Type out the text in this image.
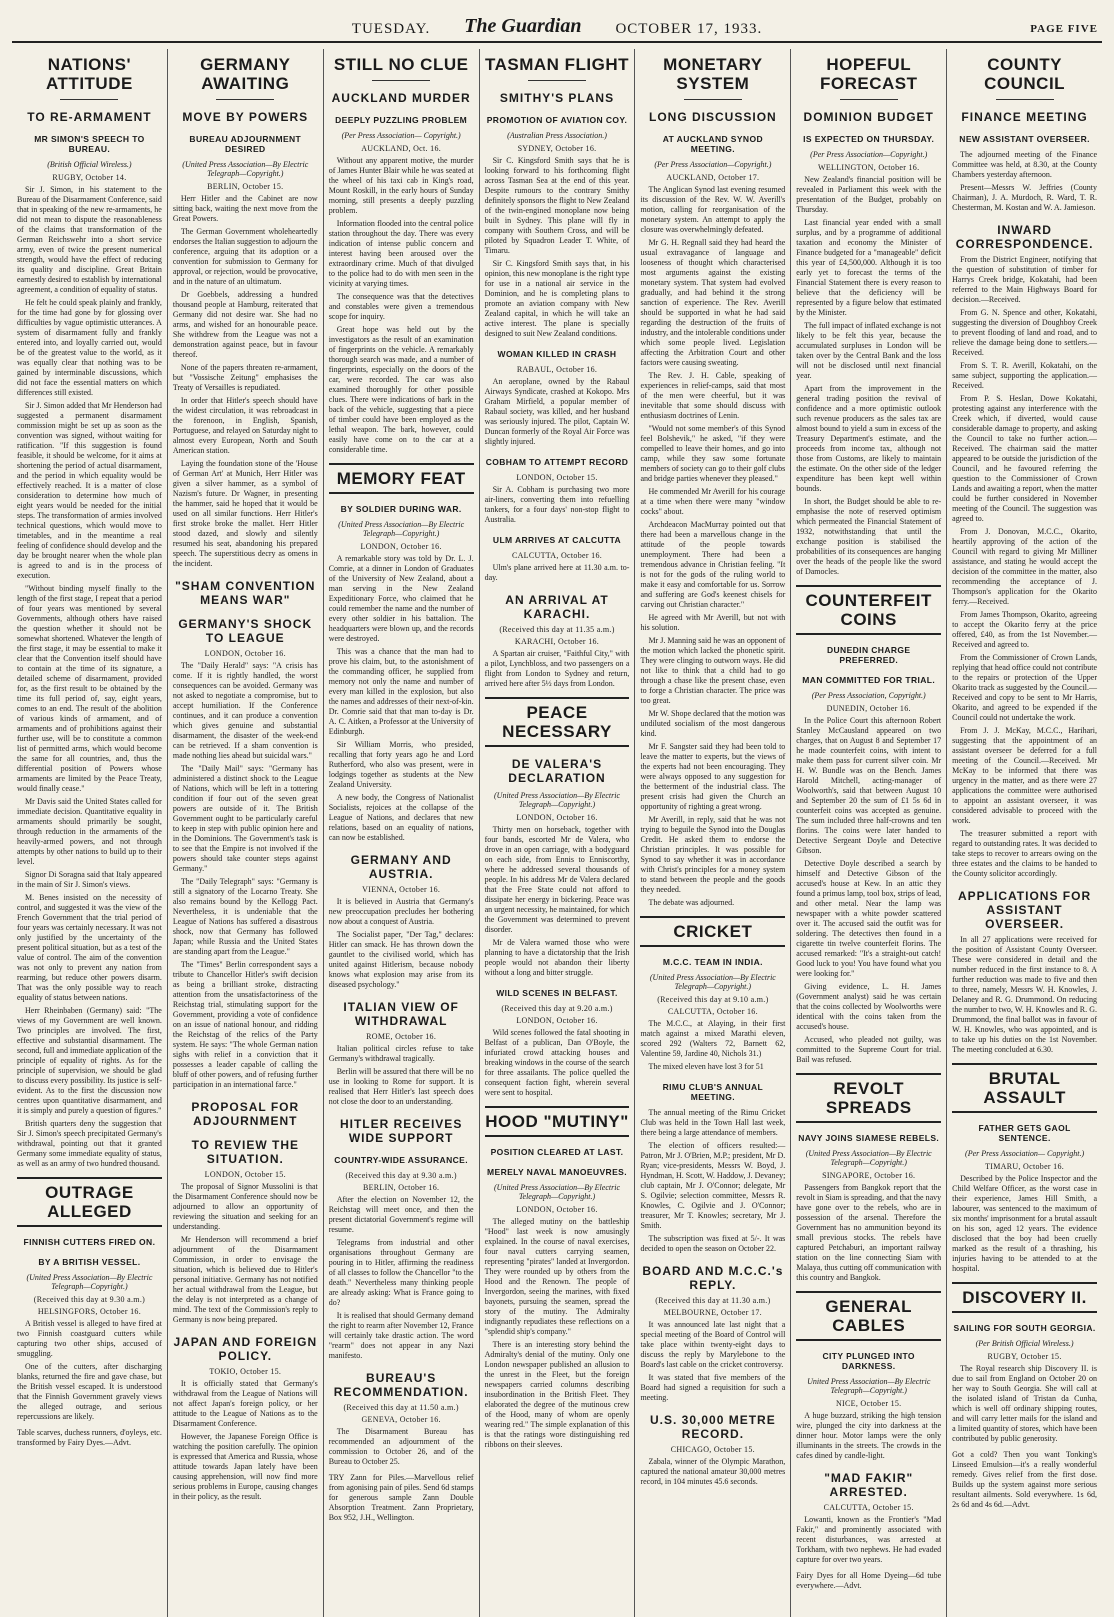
TUESDAY. The Guardian OCTOBER 17, 1933.	PAGE FIVE
NATIONS' ATTITUDE
TO RE-ARMAMENT
MR SIMON'S SPEECH TO BUREAU.
(British Official Wireless.)
RUGBY, October 14.

Sir J. Simon, in his statement to the Bureau of the Disarmament Conference, said that in speaking of the new re-armaments, he did not mean to dispute the reasonableness of the claims that transformation of the German Reichswehr into a short service army, even of twice the present numerical strength, would have the effect of reducing its quality and discipline. Great Britain earnestly desired to establish by international agreement, a condition of equality of status.

He felt he could speak plainly and frankly, for the time had gone by for glossing over difficulties by vague optimistic utterances. A system of disarmament fully and frankly entered into, and loyally carried out, would be of the greatest value to the world, as it was equally clear that nothing was to be gained by interminable discussions, which did not face the essential matters on which differences still existed.

Sir J. Simon added that Mr Henderson had suggested a permanent disarmament commission might be set up as soon as the convention was signed, without waiting for ratification. "If this suggestion is found feasible, it should be welcome, for it aims at shortening the period of actual disarmament, and the period in which equality would be effectively reached. It is a matter of close consideration to determine how much of eight years would be needed for the initial steps. The transformation of armies involved technical questions, which would move to timetables, and in the meantime a real feeling of confidence should develop and the day be brought nearer when the whole plan is agreed to and is in the process of execution.

"Without binding myself finally to the length of the first stage, I repeat that a period of four years was mentioned by several Governments, although others have raised the question whether it should not be somewhat shortened. Whatever the length of the first stage, it may be essential to make it clear that the Convention itself should have to contain at the time of its signature, a detailed scheme of disarmament, provided for, as the first result to be obtained by the time its full period of, say, eight years, comes to an end. The result of the abolition of various kinds of armament, and of armaments and of prohibitions against their further use, will be to constitute a common list of permitted arms, which would become the same for all countries, and, thus the differential position of Powers whose armaments are limited by the Peace Treaty, would finally cease."

Mr Davis said the United States called for immediate decision. Quantitative equality in armaments should primarily be sought, through reduction in the armaments of the heavily-armed powers, and not through attempts by other nations to build up to their level.

Signor Di Soragna said that Italy appeared in the main of Sir J. Simon's views.

M. Benes insisted on the necessity of control, and suggested it was the view of the French Government that the trial period of four years was certainly necessary. It was not only justified by the uncertainty of the present political situation, but as a test of the value of control. The aim of the convention was not only to prevent any nation from rearming, but reduce other powers disarm. That was the only possible way to reach equality of status between nations.

Herr Rheinbaben (Germany) said: "The views of my Government are well known. Two principles are involved. The first, effective and substantial disarmament. The second, full and immediate application of the principle of equality of rights. As for the principle of supervision, we should be glad to discuss every possibility. Its justice is self-evident. As to the first the discussion now centres upon quantitative disarmament, and it is simply and purely a question of figures."

British quarters deny the suggestion that Sir J. Simon's speech precipitated Germany's withdrawal, pointing out that it granted Germany some immediate equality of status, as well as an army of two hundred thousand.

OUTRAGE ALLEGED
FINNISH CUTTERS FIRED ON.
BY A BRITISH VESSEL.
(United Press Association—By Electric Telegraph—Copyright.)
(Received this day at 9.30 a.m.)
HELSINGFORS, October 16.

A British vessel is alleged to have fired at two Finnish coastguard cutters while capturing two other ships, accused of smuggling.

One of the cutters, after discharging blanks, returned the fire and gave chase, but the British vessel escaped. It is understood that the Finnish Government gravely views the alleged outrage, and serious repercussions are likely.

Table scarves, duchess runners, d'oyleys, etc. transformed by Fairy Dyes.—Advt.
GERMANY AWAITING
MOVE BY POWERS
BUREAU ADJOURNMENT DESIRED
(United Press Association—By Electric Telegraph—Copyright.)
BERLIN, October 15.

Herr Hitler and the Cabinet are now sitting back, waiting the next move from the Great Powers.

The German Government wholeheartedly endorses the Italian suggestion to adjourn the conference, arguing that its adoption or a convention for submission to Germany for approval, or rejection, would be provocative, and in the nature of an ultimatum.

Dr Goebbels, addressing a hundred thousand people at Hamburg, reiterated that Germany did not desire war. She had no arms, and wished for an honourable peace. She withdrew from the League was not a demonstration against peace, but in favour thereof.

None of the papers threaten re-armament, but "Vossische Zeitung" emphasises the Treaty of Versailles is repudiated.

In order that Hitler's speech should have the widest circulation, it was rebroadcast in the forenoon, in English, Spanish, Portuguese, and relayed on Saturday night to almost every European, North and South American station.

Laying the foundation stone of the 'House of German Art' at Munich, Herr Hitler was given a silver hammer, as a symbol of Nazism's future. Dr Wagner, in presenting the hammer, said he hoped that it would be used on all similar functions. Herr Hitler's first stroke broke the mallet. Herr Hitler stood dazed, and slowly and silently resumed his seat, abandoning his prepared speech. The superstitious decry as omens in the incident.

"SHAM CONVENTION MEANS WAR"
GERMANY'S SHOCK TO LEAGUE
LONDON, October 16.

The "Daily Herald" says: "A crisis has come. If it is rightly handled, the worst consequences can be avoided. Germany was not asked to negotiate a compromise, but to accept humiliation. If the Conference continues, and it can produce a convention which gives genuine and substantial disarmament, the disaster of the week-end can be retrieved. If a sham convention is made nothing lies ahead but suicidal wars."

The "Daily Mail" says: "Germany has administered a distinct shock to the League of Nations, which will be left in a tottering condition if four out of the seven great powers are outside of it. The British Government ought to be particularly careful to keep in step with public opinion here and in the Dominions. The Government's task is to see that the Empire is not involved if the powers should take counter steps against Germany."

The "Daily Telegraph" says: "Germany is still a signatory of the Locarno Treaty. She also remains bound by the Kellogg Pact. Nevertheless, it is undeniable that the League of Nations has suffered a disastrous shock, now that Germany has followed Japan; while Russia and the United States are standing apart from the League."

The "Times" Berlin correspondent says a tribute to Chancellor Hitler's swift decision as being a brilliant stroke, distracting attention from the unsatisfactoriness of the Reichstag trial, stimulating support for the Government, providing a vote of confidence on an issue of national honour, and ridding the Reichstag of the relics of the Party system. He says: "The whole German nation sighs with relief in a conviction that it possesses a leader capable of calling the bluff of other powers, and of refusing further participation in an international farce."

PROPOSAL FOR ADJOURNMENT
TO REVIEW THE SITUATION.
LONDON, October 15.

The proposal of Signor Mussolini is that the Disarmament Conference should now be adjourned to allow an opportunity of reviewing the situation and seeking for an understanding.

Mr Henderson will recommend a brief adjournment of the Disarmament Commission, in order to envisage the situation, which is believed due to Hitler's personal initiative. Germany has not notified her actual withdrawal from the League, but the delay is not interpreted as a change of mind. The text of the Commission's reply to Germany is now being prepared.

JAPAN AND FOREIGN POLICY.
TOKIO, October 15.

It is officially stated that Germany's withdrawal from the League of Nations will not affect Japan's foreign policy, or her attitude to the League of Nations as to the Disarmament Conference.

However, the Japanese Foreign Office is watching the position carefully. The opinion is expressed that America and Russia, whose attitude towards Japan lately have been causing apprehension, will now find more serious problems in Europe, causing changes in their policy, as the result.

STILL NO CLUE
AUCKLAND MURDER
DEEPLY PUZZLING PROBLEM
(Per Press Association— Copyright.)
AUCKLAND, Oct. 16.

Without any apparent motive, the murder of James Hunter Blair while he was seated at the wheel of his taxi cab in King's road, Mount Roskill, in the early hours of Sunday morning, still presents a deeply puzzling problem.

Information flooded into the central police station throughout the day. There was every indication of intense public concern and interest having been aroused over the extraordinary crime. Much of that divulged to the police had to do with men seen in the vicinity at varying times.

The consequence was that the detectives and constables were given a tremendous scope for inquiry.

Great hope was held out by the investigators as the result of an examination of fingerprints on the vehicle. A remarkably thorough search was made, and a number of fingerprints, especially on the doors of the car, were recorded. The car was also examined thoroughly for other possible clues. There were indications of bark in the back of the vehicle, suggesting that a piece of timber could have been employed as the lethal weapon. The bark, however, could easily have come on to the car at a considerable time.

MEMORY FEAT
BY SOLDIER DURING WAR.
(United Press Association—By Electric Telegraph—Copyright.)
LONDON, October 16.

A remarkable story was told by Dr. L. J. Comrie, at a dinner in London of Graduates of the University of New Zealand, about a man serving in the New Zealand Expeditionary Force, who claimed that he could remember the name and the number of every other soldier in his battalion. The headquarters were blown up, and the records were destroyed.

This was a chance that the man had to prove his claim, but, to the astonishment of the commanding officer, he supplied from memory not only the name and number of every man killed in the explosion, but also the names and addresses of their next-of-kin. Dr. Comrie said that that man to-day is Dr. A. C. Aitken, a Professor at the University of Edinburgh.

Sir William Morris, who presided, recalling that forty years ago he and Lord Rutherford, who also was present, were in lodgings together as students at the New Zealand University.

A new body, the Congress of Nationalist Socialists, rejoices at the collapse of the League of Nations, and declares that new relations, based on an equality of nations, can now be established.

GERMANY AND AUSTRIA.
VIENNA, October 16.

It is believed in Austria that Germany's new preoccupation precludes her bothering now about a conquest of Austria.

The Socialist paper, "Der Tag," declares: Hitler can smack. He has thrown down the gauntlet to the civilised world, which has united against Hitlerism, because nobody knows what explosion may arise from its diseased psychology."

ITALIAN VIEW OF WITHDRAWAL
ROME, October 16.

Italian political circles refuse to take Germany's withdrawal tragically.

Berlin will be assured that there will be no use in looking to Rome for support. It is realised that Herr Hitler's last speech does not close the door to an understanding.

HITLER RECEIVES WIDE SUPPORT
COUNTRY-WIDE ASSURANCE.
(Received this day at 9.30 a.m.)
BERLIN, October 16.

After the election on November 12, the Reichstag will meet once, and then the present dictatorial Government's regime will resume.

Telegrams from industrial and other organisations throughout Germany are pouring in to Hitler, affirming the readiness of all classes to follow the Chancellor "to the death." Nevertheless many thinking people are already asking: What is France going to do?

It is realised that should Germany demand the right to rearm after November 12, France will certainly take drastic action. The word "rearm" does not appear in any Nazi manifesto.

BUREAU'S RECOMMENDATION.
(Received this day at 11.50 a.m.)
GENEVA, October 16.

The Disarmament Bureau has recommended an adjournment of the commission to October 26, and of the Bureau to October 25.

TRY Zann for Piles.—Marvellous relief from agonising pain of piles. Send 6d stamps for generous sample Zann Double Absorption Treatment. Zann Proprietary, Box 952, J.H., Wellington.
TASMAN FLIGHT
SMITHY'S PLANS
PROMOTION OF AVIATION COY.
(Australian Press Association.)
SYDNEY, October 16.

Sir C. Kingsford Smith says that he is looking forward to his forthcoming flight across Tasman Sea at the end of this year. Despite rumours to the contrary Smithy definitely sponsors the flight to New Zealand of the twin-engined monoplane now being built in Sydney. This plane will fly in company with Southern Cross, and will be piloted by Squadron Leader T. White, of Timaru.

Sir C. Kingsford Smith says that, in his opinion, this new monoplane is the right type for use in a national air service in the Dominion, and he is completing plans to promote an aviation company with New Zealand capital, in which he will take an active interest. The plane is specially designed to suit New Zealand conditions.

WOMAN KILLED IN CRASH
RABAUL, October 16.

An aeroplane, owned by the Rabaul Airways Syndicate, crashed at Kokopo. Mrs Graham Mirfield, a popular member of Rabaul society, was killed, and her husband was seriously injured. The pilot, Captain W. Duncan formerly of the Royal Air Force was slightly injured.

COBHAM TO ATTEMPT RECORD
LONDON, October 15.

Sir A. Cobham is purchasing two more air-liners, converting them into refuelling tankers, for a four days' non-stop flight to Australia.

ULM ARRIVES AT CALCUTTA
CALCUTTA, October 16.

Ulm's plane arrived here at 11.30 a.m. to-day.

AN ARRIVAL AT KARACHI.
(Received this day at 11.35 a.m.)
KARACHI, October 16.

A Spartan air cruiser, "Faithful City," with a pilot, Lynchbloss, and two passengers on a flight from London to Sydney and return, arrived here after 5½ days from London.

PEACE NECESSARY
DE VALERA'S DECLARATION
(United Press Association—By Electric Telegraph—Copyright.)
LONDON, October 16.

Thirty men on horseback, together with four bands, escorted Mr de Valera, who drove in an open carriage, with a bodyguard on each side, from Ennis to Enniscorthy, where he addressed several thousands of people. In his address Mr de Valera declared that the Free State could not afford to dissipate her energy in bickering. Peace was an urgent necessity, he maintained, for which the Government was determined to prevent disorder.

Mr de Valera warned those who were planning to have a dictatorship that the Irish people would not abandon their liberty without a long and bitter struggle.

WILD SCENES IN BELFAST.
(Received this day at 9.20 a.m.)
LONDON, October 16.

Wild scenes followed the fatal shooting in Belfast of a publican, Dan O'Boyle, the infuriated crowd attacking houses and breaking windows in the course of the search for three assailants. The police quelled the consequent faction fight, wherein several were sent to hospital.

HOOD "MUTINY"
POSITION CLEARED AT LAST.
MERELY NAVAL MANOEUVRES.
(United Press Association—By Electric Telegraph—Copyright.)
LONDON, October 16.

The alleged mutiny on the battleship "Hood" last week is now amusingly explained. In the course of naval exercises, four naval cutters carrying seamen, representing "pirates" landed at Invergordon. They were rounded up by others from the Hood and the Renown. The people of Invergordon, seeing the marines, with fixed bayonets, pursuing the seamen, spread the story of the mutiny. The Admiralty indignantly repudiates these reflections on a "splendid ship's company."

There is an interesting story behind the Admiralty's denial of the mutiny. Only one London newspaper published an allusion to the unrest in the Fleet, but the foreign newspapers carried columns describing insubordination in the British Fleet. They elaborated the degree of the mutinous crew of the Hood, many of whom are openly wearing red." The simple explanation of this is that the ratings wore distinguishing red ribbons on their sleeves.

MONETARY SYSTEM
LONG DISCUSSION
AT AUCKLAND SYNOD MEETING.
(Per Press Association—Copyright.)
AUCKLAND, October 17.

The Anglican Synod last evening resumed its discussion of the Rev. W. W. Averill's motion, calling for reorganisation of the monetary system. An attempt to apply the closure was overwhelmingly defeated.

Mr G. H. Regnall said they had heard the usual extravagance of language and looseness of thought which characterised most arguments against the existing monetary system. That system had evolved gradually, and had behind it the strong sanction of experience. The Rev. Averill should be supported in what he had said regarding the destruction of the fruits of industry, and the intolerable conditions under which some people lived. Legislation affecting the Arbitration Court and other factors were causing sweating.

The Rev. J. H. Cable, speaking of experiences in relief-camps, said that most of the men were cheerful, but it was inevitable that some should discuss with enthusiasm doctrines of Lenin.

"Would not some member's of this Synod feel Bolshevik," he asked, "if they were compelled to leave their homes, and go into camp, while they saw some fortunate members of society can go to their golf clubs and bridge parties whenever they pleased."

He commended Mr Averill for his courage at a time when there were many "window cocks" about.

Archdeacon MacMurray pointed out that there had been a marvellous change in the attitude of the people towards unemployment. There had been a tremendous advance in Christian feeling. "It is not for the gods of the ruling world to make it easy and comfortable for us. Sorrow and suffering are God's keenest chisels for carving out Christian character."

He agreed with Mr Averill, but not with his solution.

Mr J. Manning said he was an opponent of the motion which lacked the phonetic spirit. They were clinging to outworn ways. He did not like to think that a child had to go through a chase like the present chase, even to forge a Christian character. The price was too great.

Mr W. Shope declared that the motion was undiluted socialism of the most dangerous kind.

Mr F. Sangster said they had been told to leave the matter to experts, but the views of the experts had not been encouraging. They were always opposed to any suggestion for the betterment of the industrial class. The present crisis had given the Church an opportunity of righting a great wrong.

Mr Averill, in reply, said that he was not trying to beguile the Synod into the Douglas Credit. He asked them to endorse the Christian principles. It was possible for Synod to say whether it was in accordance with Christ's principles for a money system to stand between the people and the goods they needed.

The debate was adjourned.

CRICKET
M.C.C. TEAM IN INDIA.
(United Press Association—By Electric Telegraph—Copyright.)
(Received this day at 9.10 a.m.)
CALCUTTA, October 16.

The M.C.C., at Alaying, in their first match against a mixed Marathi eleven, scored 292 (Walters 72, Barnett 62, Valentine 59, Jardine 40, Nichols 31.)

The mixed eleven have lost 3 for 51

RIMU CLUB'S ANNUAL MEETING.

The annual meeting of the Rimu Cricket Club was held in the Town Hall last week, there being a large attendance of members.

The election of officers resulted:— Patron, Mr J. O'Brien, M.P.; president, Mr D. Ryan; vice-presidents, Messrs W. Boyd, J. Hyndman, H. Scott, W. Haddow, J. Devaney; club captain, Mr J. O'Connor; delegate, Mr S. Ogilvie; selection committee, Messrs R. Knowles, C. Ogilvie and J. O'Connor; treasurer, Mr T. Knowles; secretary, Mr J. Smith.

The subscription was fixed at 5/-. It was decided to open the season on October 22.

BOARD AND M.C.C.'s REPLY.
(Received this day at 11.30 a.m.)
MELBOURNE, October 17.

It was announced late last night that a special meeting of the Board of Control will take place within twenty-eight days to discuss the reply by Marylebone to the Board's last cable on the cricket controversy.

It was stated that five members of the Board had signed a requisition for such a meeting.

U.S. 30,000 METRE RECORD.
CHICAGO, October 15.

Zabala, winner of the Olympic Marathon, captured the national amateur 30,000 metres record, in 104 minutes 45.6 seconds.

HOPEFUL FORECAST
DOMINION BUDGET
IS EXPECTED ON THURSDAY.
(Per Press Association—Copyright.)
WELLINGTON, October 16.

New Zealand's financial position will be revealed in Parliament this week with the presentation of the Budget, probably on Thursday.

Last financial year ended with a small surplus, and by a programme of additional taxation and economy the Minister of Finance budgeted for a "manageable" deficit this year of £4,500,000. Although it is too early yet to forecast the terms of the Financial Statement there is every reason to believe that the deficiency will be represented by a figure below that estimated by the Minister.

The full impact of inflated exchange is not likely to be felt this year, because the accumulated surpluses in London will be taken over by the Central Bank and the loss will not be disclosed until next financial year.

Apart from the improvement in the general trading position the revival of confidence and a more optimistic outlook such revenue producers as the sales tax are almost bound to yield a sum in excess of the Treasury Department's estimate, and the proceeds from income tax, although not those from Customs, are likely to maintain the estimate. On the other side of the ledger expenditure has been kept well within bounds.

In short, the Budget should be able to re-emphasise the note of reserved optimism which permeated the Financial Statement of 1932, notwithstanding that until the exchange position is stabilised the probabilities of its consequences are hanging over the heads of the people like the sword of Damocles.

COUNTERFEIT COINS
DUNEDIN CHARGE PREFERRED.
MAN COMMITTED FOR TRIAL.
(Per Press Association, Copyright.)
DUNEDIN, October 16.

In the Police Court this afternoon Robert Stanley McCausland appeared on two charges, that on August 8 and September 17 he made counterfeit coins, with intent to make them pass for current silver coin. Mr H. W. Bundle was on the Bench. James Harold Mitchell, acting-manager of Woolworth's, said that between August 10 and September 20 the sum of £1 5s 6d in counterfeit coins was accepted as genuine. The sum included three half-crowns and ten florins. The coins were later handed to Detective Sergeant Doyle and Detective Gibson.

Detective Doyle described a search by himself and Detective Gibson of the accused's house at Kew. In an attic they found a primus lamp, tool box, strips of lead, and other metal. Near the lamp was newspaper with a white powder scattered over it. The accused said the outfit was for soldering. The detectives then found in a cigarette tin twelve counterfeit florins. The accused remarked: "It's a straight-out catch! Good luck to you! You have found what you were looking for."

Giving evidence, L. H. James (Government analyst) said he was certain that the coins collected by Woolworths were identical with the coins taken from the accused's house.

Accused, who pleaded not guilty, was committed to the Supreme Court for trial. Bail was refused.

REVOLT SPREADS
NAVY JOINS SIAMESE REBELS.
(United Press Association—By Electric Telegraph—Copyright.)
SINGAPORE, October 16.

Passengers from Bangkok report that the revolt in Siam is spreading, and that the navy have gone over to the rebels, who are in possession of the arsenal. Therefore the Government has no ammunition beyond its small previous stocks. The rebels have captured Petchaburi, an important railway station on the line connecting Siam with Malaya, thus cutting off communication with this country and Bangkok.

GENERAL CABLES
CITY PLUNGED INTO DARKNESS.
United Press Association—By Electric Telegraph—Copyright.)
NICE, October 15.

A huge buzzard, striking the high tension wire, plunged the city into darkness at the dinner hour. Motor lamps were the only illuminants in the streets. The crowds in the cafes dined by candle-light.

"MAD FAKIR" ARRESTED.
CALCUTTA, October 15.

Lowanti, known as the Frontier's "Mad Fakir," and prominently associated with recent disturbances, was arrested at Torkham, with two nephews. He had evaded capture for over two years.

Fairy Dyes for all Home Dyeing—6d tube everywhere.—Advt.
COUNTY COUNCIL
FINANCE MEETING
NEW ASSISTANT OVERSEER.

The adjourned meeting of the Finance Committee was held, at 8.30, at the County Chambers yesterday afternoon.

Present—Messrs W. Jeffries (County Chairman), J. A. Murdoch, R. Ward, T. R. Chesterman, M. Kostan and W. A. Jamieson.

INWARD CORRESPONDENCE.

From the District Engineer, notifying that the question of substitution of timber for Harrys Creek bridge, Kokatahi, had been referred to the Main Highways Board for decision.—Received.

From G. N. Spence and other, Kokatahi, suggesting the diversion of Doughboy Creek to prevent flooding of land and road, and to relieve the damage being done to settlers.—Received.

From S. T. R. Averill, Kokatahi, on the same subject, supporting the application.—Received.

From P. S. Heslan, Dowe Kokatahi, protesting against any interference with the Creek which, if diverted, would cause considerable damage to property, and asking the Council to take no further action.—Received. The chairman said the matter appeared to be outside the jurisdiction of the Council, and he favoured referring the question to the Commissioner of Crown Lands and awaiting a report, when the matter could be further considered in November meeting of the Council. The suggestion was agreed to.

From J. Donovan, M.C.C., Okarito, heartily approving of the action of the Council with regard to giving Mr Milliner assistance, and stating he would accept the decision of the committee in the matter, also recommending the acceptance of J. Thompson's application for the Okarito ferry.—Received.

From James Thompson, Okarito, agreeing to accept the Okarito ferry at the price offered, £40, as from the 1st November.—Received and agreed to.

From the Commissioner of Crown Lands, replying that head office could not contribute to the repairs or protection of the Upper Okarito track as suggested by the Council.—Received and copy to be sent to Mr Harris, Okarito, and agreed to be expended if the Council could not undertake the work.

From J. J. McKay, M.C.C., Harihari, suggesting that the appointment of an assistant overseer be deferred for a full meeting of the Council.—Received. Mr McKay to be informed that there was urgency in the matter, and as there were 27 applications the committee were authorised to appoint an assistant overseer, it was considered advisable to proceed with the work.

The treasurer submitted a report with regard to outstanding rates. It was decided to take steps to recover to arrears owing on the three estates and the claims to be handed to the County solicitor accordingly.

APPLICATIONS FOR ASSISTANT OVERSEER.

In all 27 applications were received for the position of Assistant County Overseer. These were considered in detail and the number reduced in the first instance to 8. A further reduction was made to five and then to three, namely, Messrs W. H. Knowles, J. Delaney and R. G. Drummond. On reducing the number to two, W. H. Knowles and R. G. Drummond, the final ballot was in favour of W. H. Knowles, who was appointed, and is to take up his duties on the 1st November. The meeting concluded at 6.30.

BRUTAL ASSAULT
FATHER GETS GAOL SENTENCE.
(Per Press Association— Copyright.)
TIMARU, October 16.

Described by the Police Inspector and the Child Welfare Officer, as the worst case in their experience, James Hill Smith, a labourer, was sentenced to the maximum of six months' imprisonment for a brutal assault on his son, aged 12 years. The evidence disclosed that the boy had been cruelly marked as the result of a thrashing, his injuries having to be attended to at the hospital.

DISCOVERY II.
SAILING FOR SOUTH GEORGIA.
(Per British Official Wireless.)
RUGBY, October 15.

The Royal research ship Discovery II. is due to sail from England on October 20 on her way to South Georgia. She will call at the isolated island of Tristan da Cunha, which is well off ordinary shipping routes, and will carry letter mails for the island and a limited quantity of stores, which have been contributed by public generosity.

Got a cold? Then you want Tonking's Linseed Emulsion—it's a really wonderful remedy. Gives relief from the first dose. Builds up the system against more serious resultant ailments. Sold everywhere. 1s 6d, 2s 6d and 4s 6d.—Advt.
